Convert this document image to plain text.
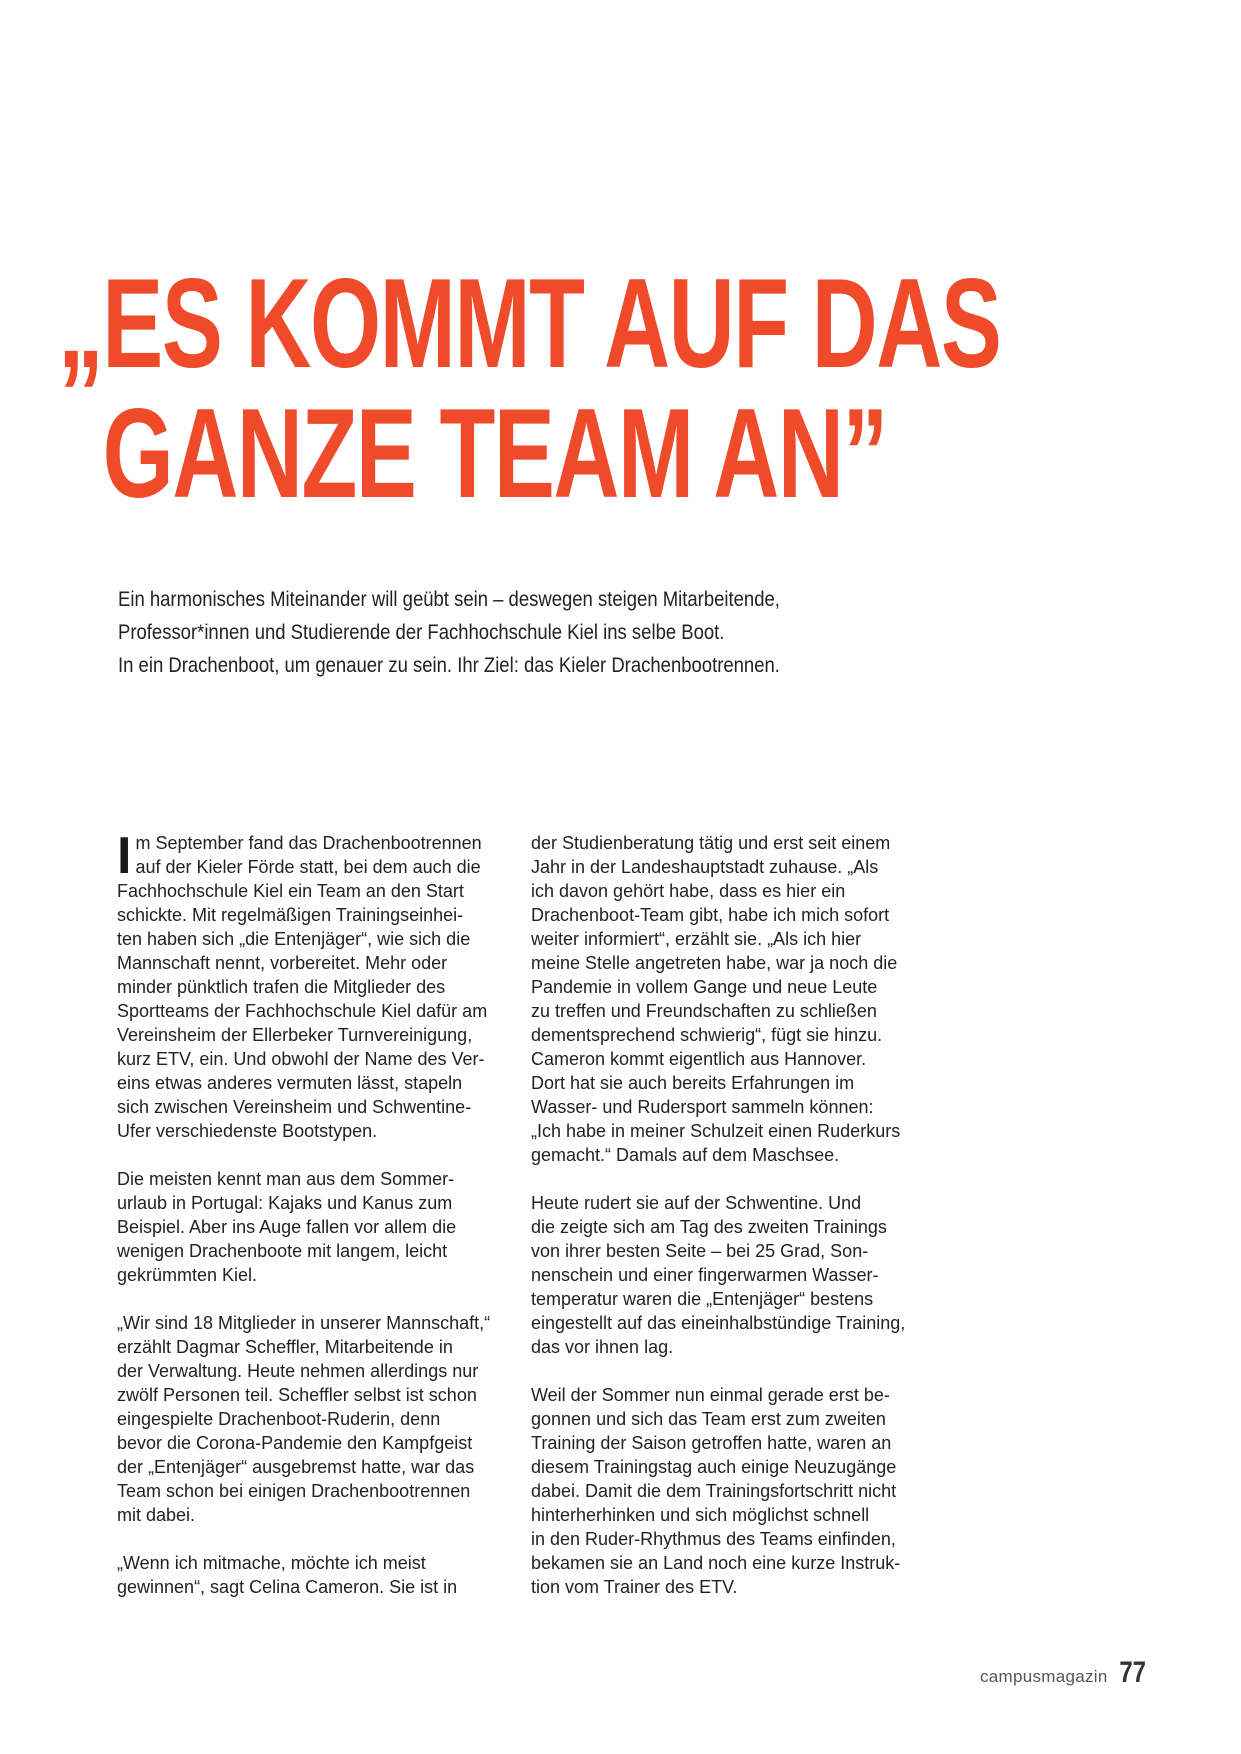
„ES KOMMT AUF DAS
GANZE TEAM AN”
Ein harmonisches Miteinander will geübt sein – deswegen steigen Mitarbeitende,
Professor*innen und Studierende der Fachhochschule Kiel ins selbe Boot.
In ein Drachenboot, um genauer zu sein. Ihr Ziel: das Kieler Drachenbootrennen.

I m September fand das Drachenbootrennen
auf der Kieler Förde statt, bei dem auch die
Fachhochschule Kiel ein Team an den Start
schickte. Mit regelmäßigen Trainingseinhei-
ten haben sich „die Entenjäger“, wie sich die
Mannschaft nennt, vorbereitet. Mehr oder
minder pünktlich trafen die Mitglieder des
Sportteams der Fachhochschule Kiel dafür am
Vereinsheim der Ellerbeker Turnvereinigung,
kurz ETV, ein. Und obwohl der Name des Ver-
eins etwas anderes vermuten lässt, stapeln
sich zwischen Vereinsheim und Schwentine-
Ufer verschiedenste Bootstypen.

Die meisten kennt man aus dem Sommer-
urlaub in Portugal: Kajaks und Kanus zum
Beispiel. Aber ins Auge fallen vor allem die
wenigen Drachenboote mit langem, leicht
gekrümmten Kiel.

„Wir sind 18 Mitglieder in unserer Mannschaft,“
erzählt Dagmar Scheffler, Mitarbeitende in
der Verwaltung. Heute nehmen allerdings nur
zwölf Personen teil. Scheffler selbst ist schon
eingespielte Drachenboot-Ruderin, denn
bevor die Corona-Pandemie den Kampfgeist
der „Entenjäger“ ausgebremst hatte, war das
Team schon bei einigen Drachenbootrennen
mit dabei.

„Wenn ich mitmache, möchte ich meist
gewinnen“, sagt Celina Cameron. Sie ist in

der Studienberatung tätig und erst seit einem
Jahr in der Landeshauptstadt zuhause. „Als
ich davon gehört habe, dass es hier ein
Drachenboot-Team gibt, habe ich mich sofort
weiter informiert“, erzählt sie. „Als ich hier
meine Stelle angetreten habe, war ja noch die
Pandemie in vollem Gange und neue Leute
zu treffen und Freundschaften zu schließen
dementsprechend schwierig“, fügt sie hinzu.
Cameron kommt eigentlich aus Hannover.
Dort hat sie auch bereits Erfahrungen im
Wasser- und Rudersport sammeln können:
„Ich habe in meiner Schulzeit einen Ruderkurs
gemacht.“ Damals auf dem Maschsee.

Heute rudert sie auf der Schwentine. Und
die zeigte sich am Tag des zweiten Trainings
von ihrer besten Seite – bei 25 Grad, Son-
nenschein und einer fingerwarmen Wasser-
temperatur waren die „Entenjäger“ bestens
eingestellt auf das eineinhalbstündige Training,
das vor ihnen lag.

Weil der Sommer nun einmal gerade erst be-
gonnen und sich das Team erst zum zweiten
Training der Saison getroffen hatte, waren an
diesem Trainingstag auch einige Neuzugänge
dabei. Damit die dem Trainingsfortschritt nicht
hinterherhinken und sich möglichst schnell
in den Ruder-Rhythmus des Teams einfinden,
bekamen sie an Land noch eine kurze Instruk-
tion vom Trainer des ETV.

campusmagazin 77
